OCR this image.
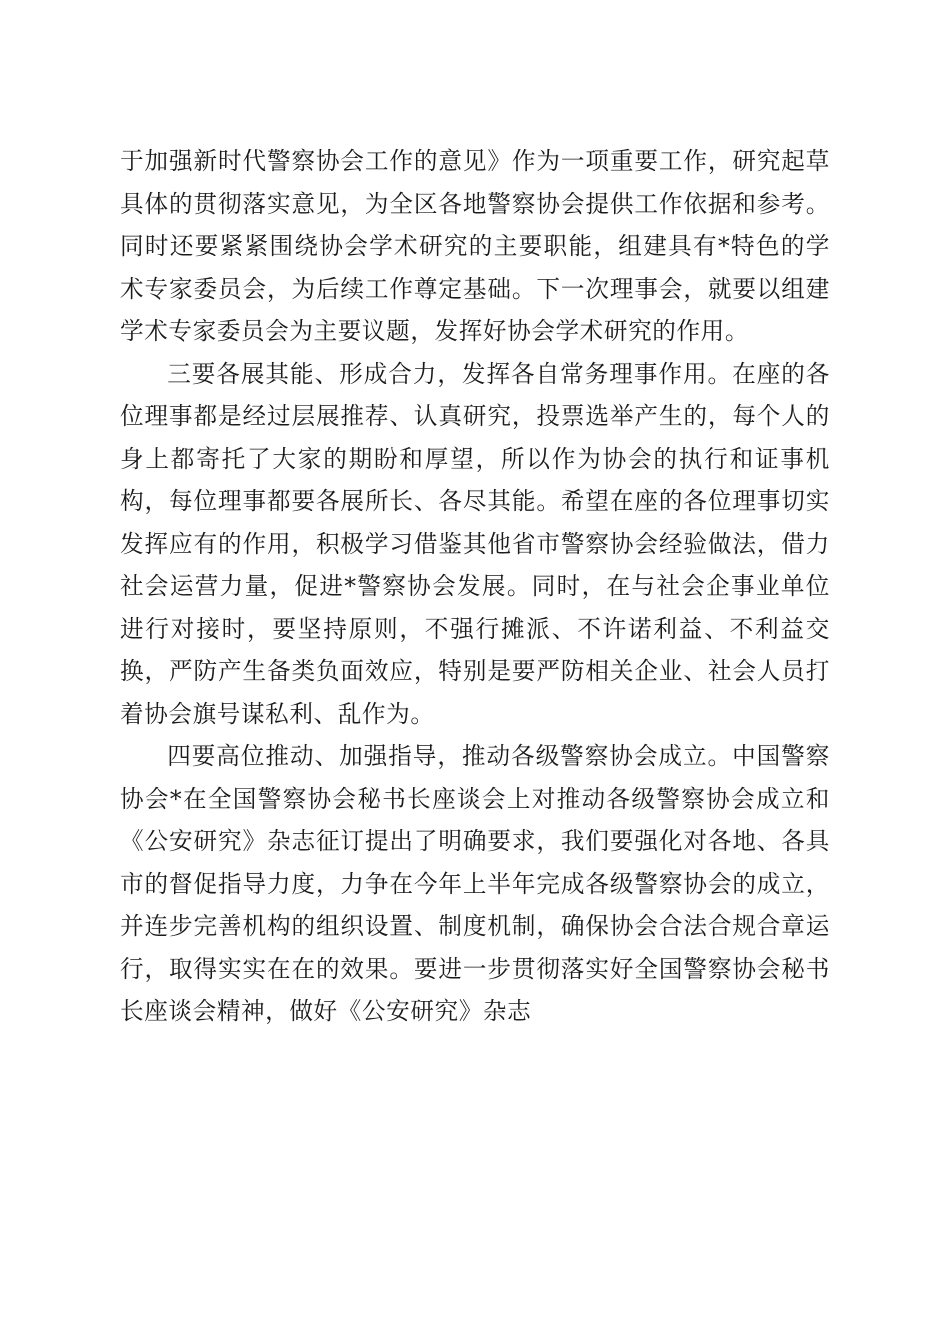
于加强新时代警察协会工作的意见》作为一项重要工作，研究起草具体的贯彻落实意见，为全区各地警察协会提供工作依据和参考。同时还要紧紧围绕协会学术研究的主要职能，组建具有*特色的学术专家委员会，为后续工作尊定基础。下一次理事会，就要以组建学术专家委员会为主要议题，发挥好协会学术研究的作用。

三要各展其能、形成合力，发挥各自常务理事作用。在座的各位理事都是经过层展推荐、认真研究，投票选举产生的，每个人的身上都寄托了大家的期盼和厚望，所以作为协会的执行和证事机构，每位理事都要各展所长、各尽其能。希望在座的各位理事切实发挥应有的作用，积极学习借鉴其他省市警察协会经验做法，借力社会运营力量，促进*警察协会发展。同时，在与社会企事业单位进行对接时，要坚持原则，不强行摊派、不许诺利益、不利益交换，严防产生备类负面效应，特别是要严防相关企业、社会人员打着协会旗号谋私利、乱作为。

四要高位推动、加强指导，推动各级警察协会成立。中国警察协会*在全国警察协会秘书长座谈会上对推动各级警察协会成立和《公安研究》杂志征订提出了明确要求，我们要强化对各地、各具市的督促指导力度，力争在今年上半年完成各级警察协会的成立，并连步完善机构的组织设置、制度机制，确保协会合法合规合章运行，取得实实在在的效果。要进一步贯彻落实好全国警察协会秘书长座谈会精神，做好《公安研究》杂志
